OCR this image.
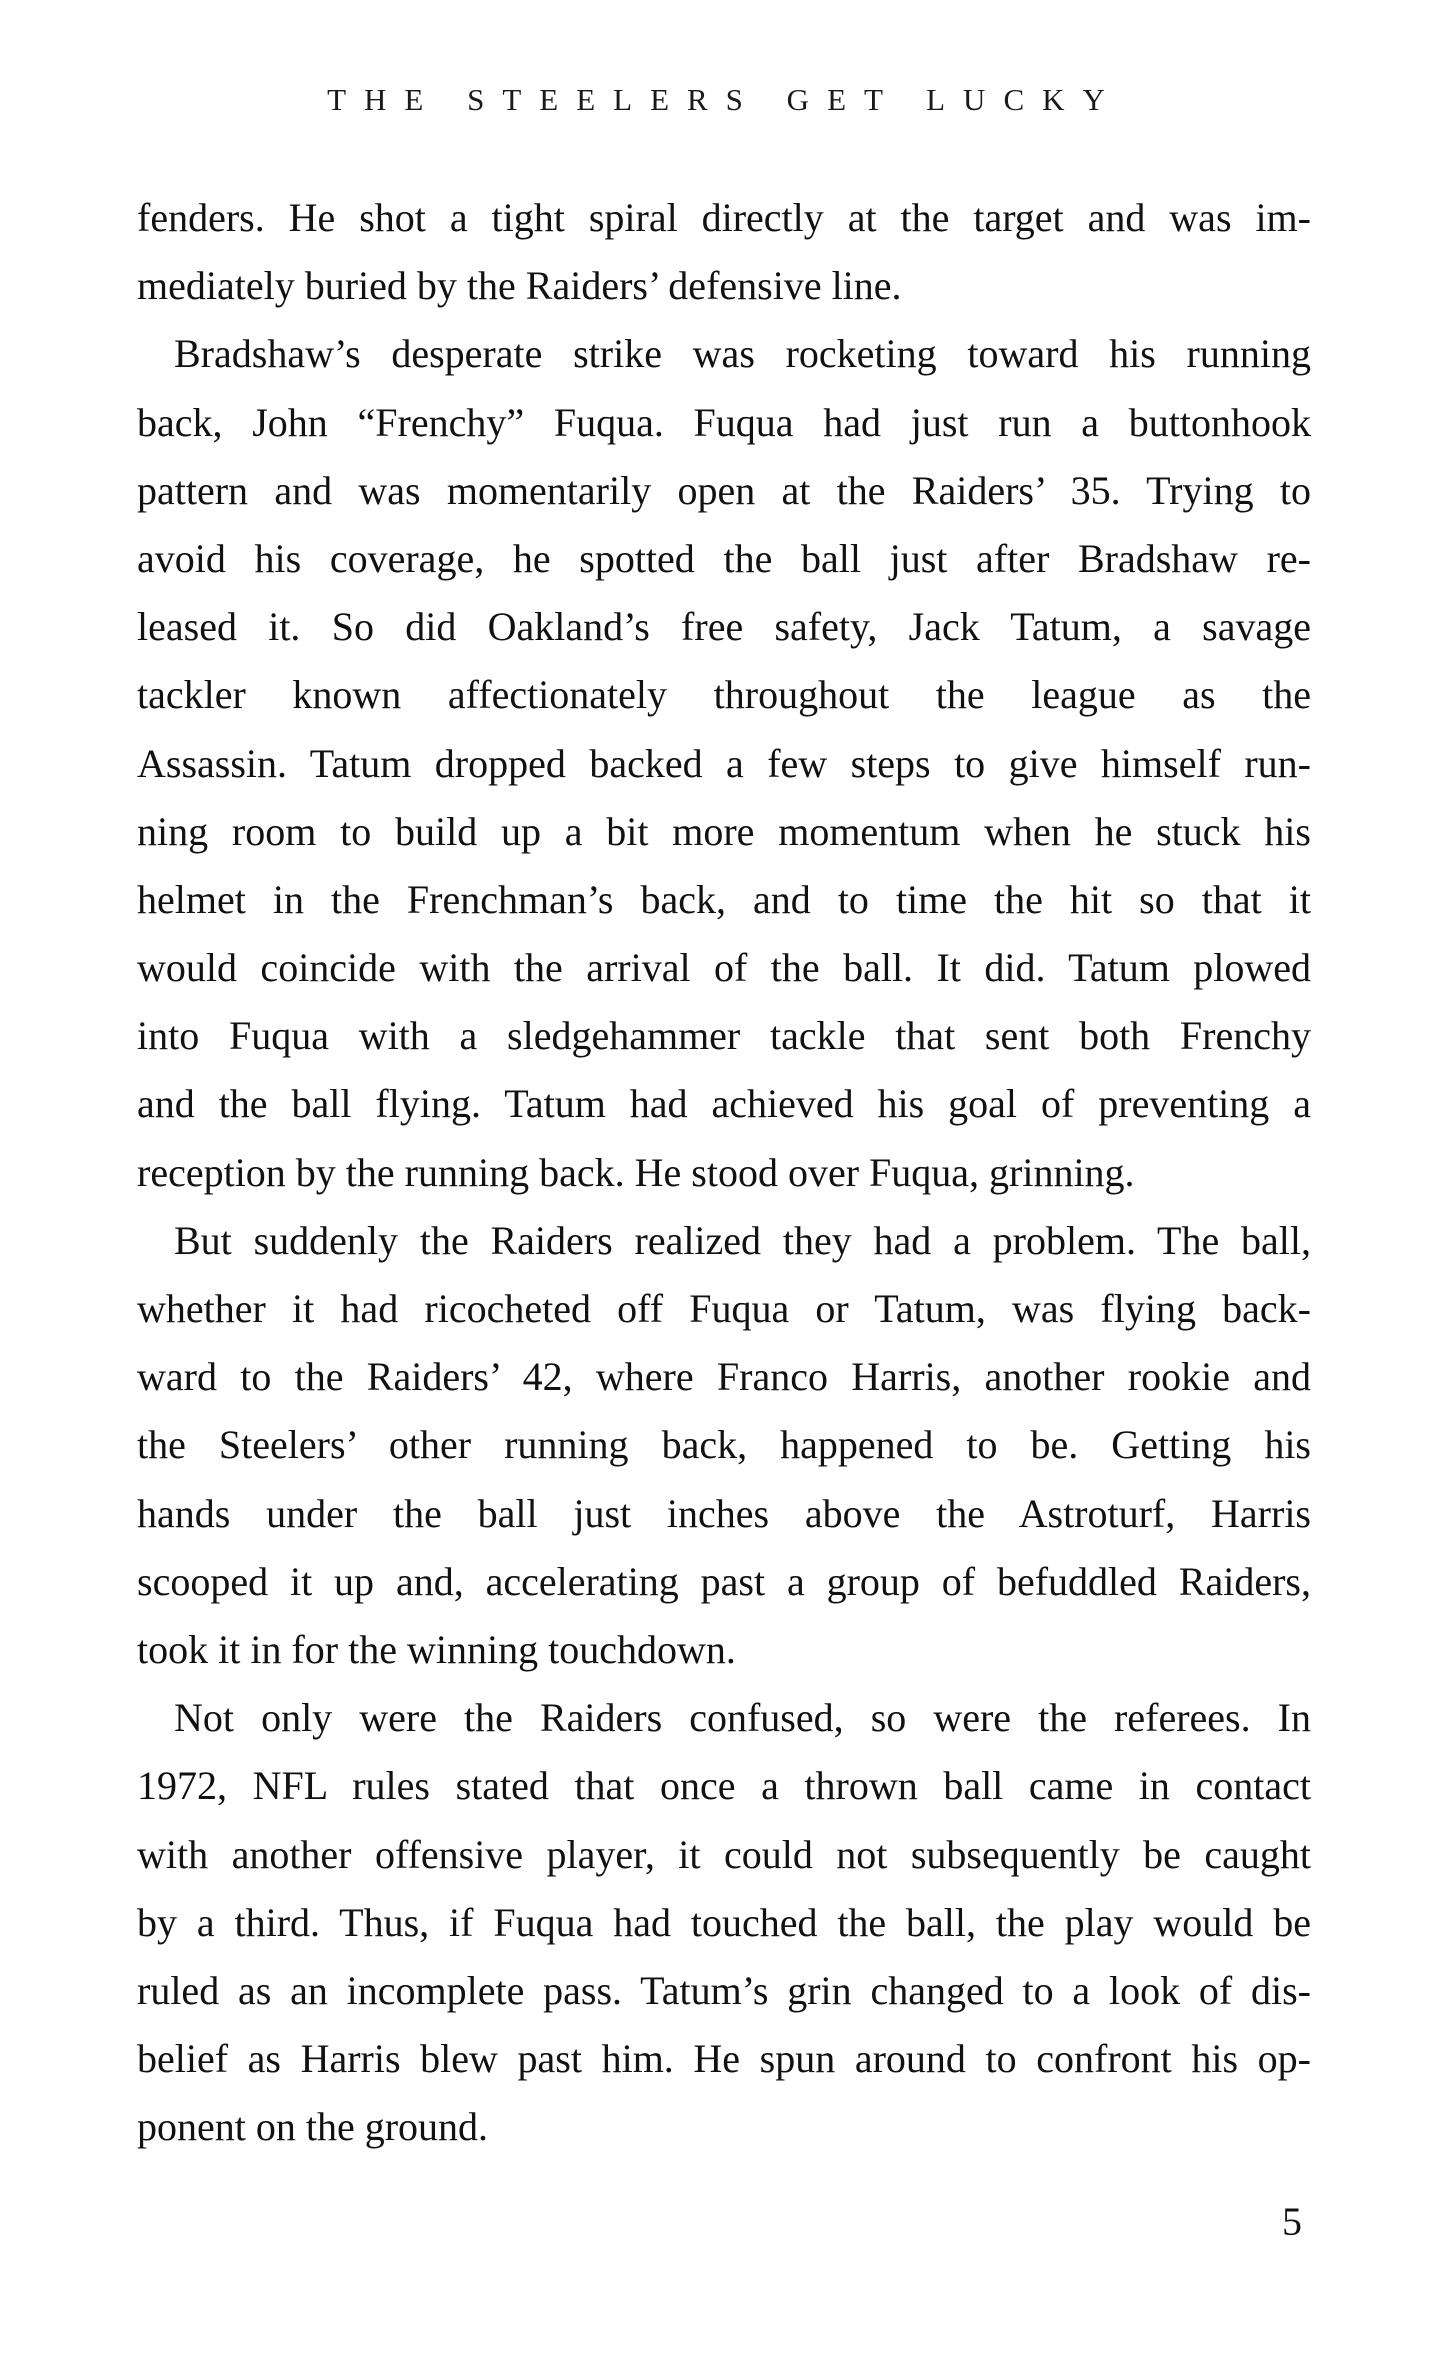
THE STEELERS GET LUCKY
fenders. He shot a tight spiral directly at the target and was im-
mediately buried by the Raiders’ defensive line.
Bradshaw’s desperate strike was rocketing toward his running
back, John “Frenchy” Fuqua. Fuqua had just run a buttonhook
pattern and was momentarily open at the Raiders’ 35. Trying to
avoid his coverage, he spotted the ball just after Bradshaw re-
leased it. So did Oakland’s free safety, Jack Tatum, a savage
tackler known affectionately throughout the league as the
Assassin. Tatum dropped backed a few steps to give himself run-
ning room to build up a bit more momentum when he stuck his
helmet in the Frenchman’s back, and to time the hit so that it
would coincide with the arrival of the ball. It did. Tatum plowed
into Fuqua with a sledgehammer tackle that sent both Frenchy
and the ball flying. Tatum had achieved his goal of preventing a
reception by the running back. He stood over Fuqua, grinning.
But suddenly the Raiders realized they had a problem. The ball,
whether it had ricocheted off Fuqua or Tatum, was flying back-
ward to the Raiders’ 42, where Franco Harris, another rookie and
the Steelers’ other running back, happened to be. Getting his
hands under the ball just inches above the Astroturf, Harris
scooped it up and, accelerating past a group of befuddled Raiders,
took it in for the winning touchdown.
Not only were the Raiders confused, so were the referees. In
1972, NFL rules stated that once a thrown ball came in contact
with another offensive player, it could not subsequently be caught
by a third. Thus, if Fuqua had touched the ball, the play would be
ruled as an incomplete pass. Tatum’s grin changed to a look of dis-
belief as Harris blew past him. He spun around to confront his op-
ponent on the ground.
5
